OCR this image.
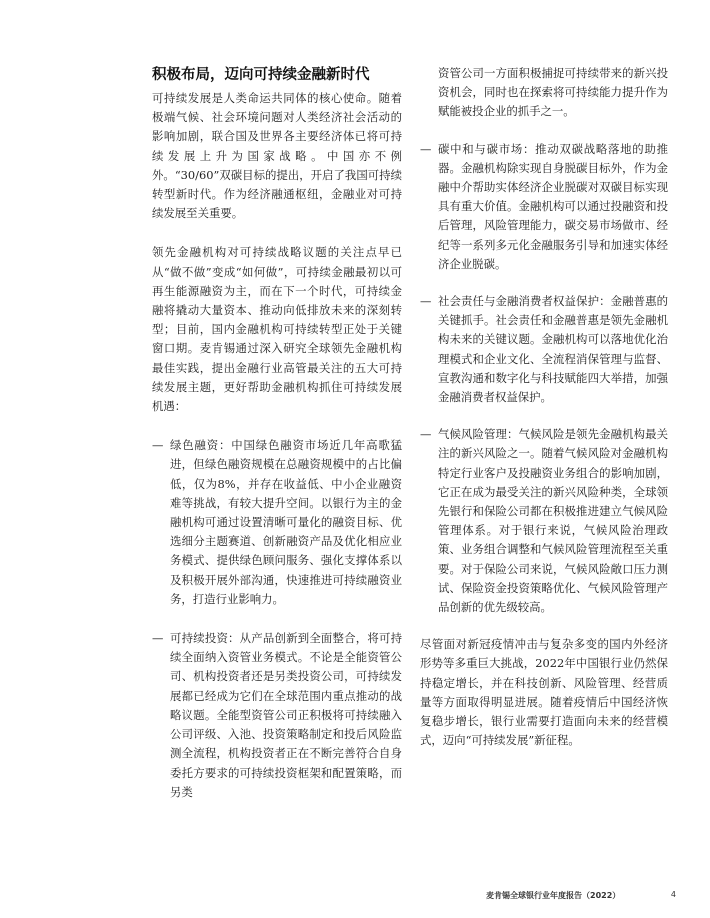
积极布局，迈向可持续金融新时代

可持续发展是人类命运共同体的核心使命。随着极端气候、社会环境问题对人类经济社会活动的影响加剧，联合国及世界各主要经济体已将可持续发展上升为国家战略。中国亦不例外。“30/60”双碳目标的提出，开启了我国可持续转型新时代。作为经济融通枢纽，金融业对可持续发展至关重要。

领先金融机构对可持续战略议题的关注点早已从“做不做”变成“如何做”，可持续金融最初以可再生能源融资为主，而在下一个时代，可持续金融将撬动大量资本、推动向低排放未来的深刻转型；目前，国内金融机构可持续转型正处于关键窗口期。麦肯锡通过深入研究全球领先金融机构最佳实践，提出金融行业高管最关注的五大可持续发展主题，更好帮助金融机构抓住可持续发展机遇：

— 绿色融资：中国绿色融资市场近几年高歌猛进，但绿色融资规模在总融资规模中的占比偏低，仅为8%，并存在收益低、中小企业融资难等挑战，有较大提升空间。以银行为主的金融机构可通过设置清晰可量化的融资目标、优选细分主题赛道、创新融资产品及优化相应业务模式、提供绿色顾问服务、强化支撑体系以及积极开展外部沟通，快速推进可持续融资业务，打造行业影响力。
— 可持续投资：从产品创新到全面整合，将可持续全面纳入资管业务模式。不论是全能资管公司、机构投资者还是另类投资公司，可持续发展都已经成为它们在全球范围内重点推动的战略议题。全能型资管公司正积极将可持续融入公司评级、入池、投资策略制定和投后风险监测全流程，机构投资者正在不断完善符合自身委托方要求的可持续投资框架和配置策略，而另类
资管公司一方面积极捕捉可持续带来的新兴投资机会，同时也在探索将可持续能力提升作为赋能被投企业的抓手之一。
— 碳中和与碳市场：推动双碳战略落地的助推器。金融机构除实现自身脱碳目标外，作为金融中介帮助实体经济企业脱碳对双碳目标实现具有重大价值。金融机构可以通过投融资和投后管理，风险管理能力，碳交易市场做市、经纪等一系列多元化金融服务引导和加速实体经济企业脱碳。
— 社会责任与金融消费者权益保护：金融普惠的关键抓手。社会责任和金融普惠是领先金融机构未来的关键议题。金融机构可以落地优化治理模式和企业文化、全流程消保管理与监督、宣教沟通和数字化与科技赋能四大举措，加强金融消费者权益保护。
— 气候风险管理：气候风险是领先金融机构最关注的新兴风险之一。随着气候风险对金融机构特定行业客户及投融资业务组合的影响加剧，它正在成为最受关注的新兴风险种类，全球领先银行和保险公司都在积极推进建立气候风险管理体系。对于银行来说，气候风险治理政策、业务组合调整和气候风险管理流程至关重要。对于保险公司来说，气候风险敞口压力测试、保险资金投资策略优化、气候风险管理产品创新的优先级较高。

尽管面对新冠疫情冲击与复杂多变的国内外经济形势等多重巨大挑战，2022年中国银行业仍然保持稳定增长，并在科技创新、风险管理、经营质量等方面取得明显进展。随着疫情后中国经济恢复稳步增长，银行业需要打造面向未来的经营模式，迈向“可持续发展”新征程。

麦肯锡全球银行业年度报告（2022）	4
